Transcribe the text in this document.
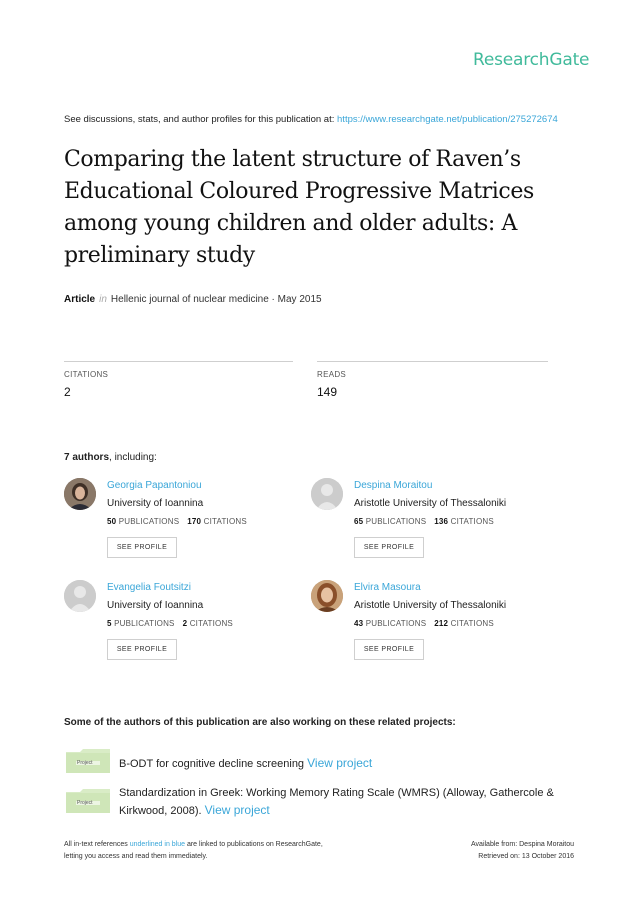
ResearchGate
See discussions, stats, and author profiles for this publication at: https://www.researchgate.net/publication/275272674
Comparing the latent structure of Raven’s Educational Coloured Progressive Matrices among young children and older adults: A preliminary study
Article in Hellenic journal of nuclear medicine · May 2015
CITATIONS
2
READS
149
7 authors, including:
Georgia Papantoniou
University of Ioannina
50 PUBLICATIONS 170 CITATIONS
SEE PROFILE
Despina Moraitou
Aristotle University of Thessaloniki
65 PUBLICATIONS 136 CITATIONS
SEE PROFILE
Evangelia Foutsitzi
University of Ioannina
5 PUBLICATIONS 2 CITATIONS
SEE PROFILE
Elvira Masoura
Aristotle University of Thessaloniki
43 PUBLICATIONS 212 CITATIONS
SEE PROFILE
Some of the authors of this publication are also working on these related projects:
Project B-ODT for cognitive decline screening View project
Project
Standardization in Greek: Working Memory Rating Scale (WMRS) (Alloway, Gathercole & Kirkwood, 2008). View project
All in-text references underlined in blue are linked to publications on ResearchGate,
letting you access and read them immediately.
Available from: Despina Moraitou
Retrieved on: 13 October 2016
